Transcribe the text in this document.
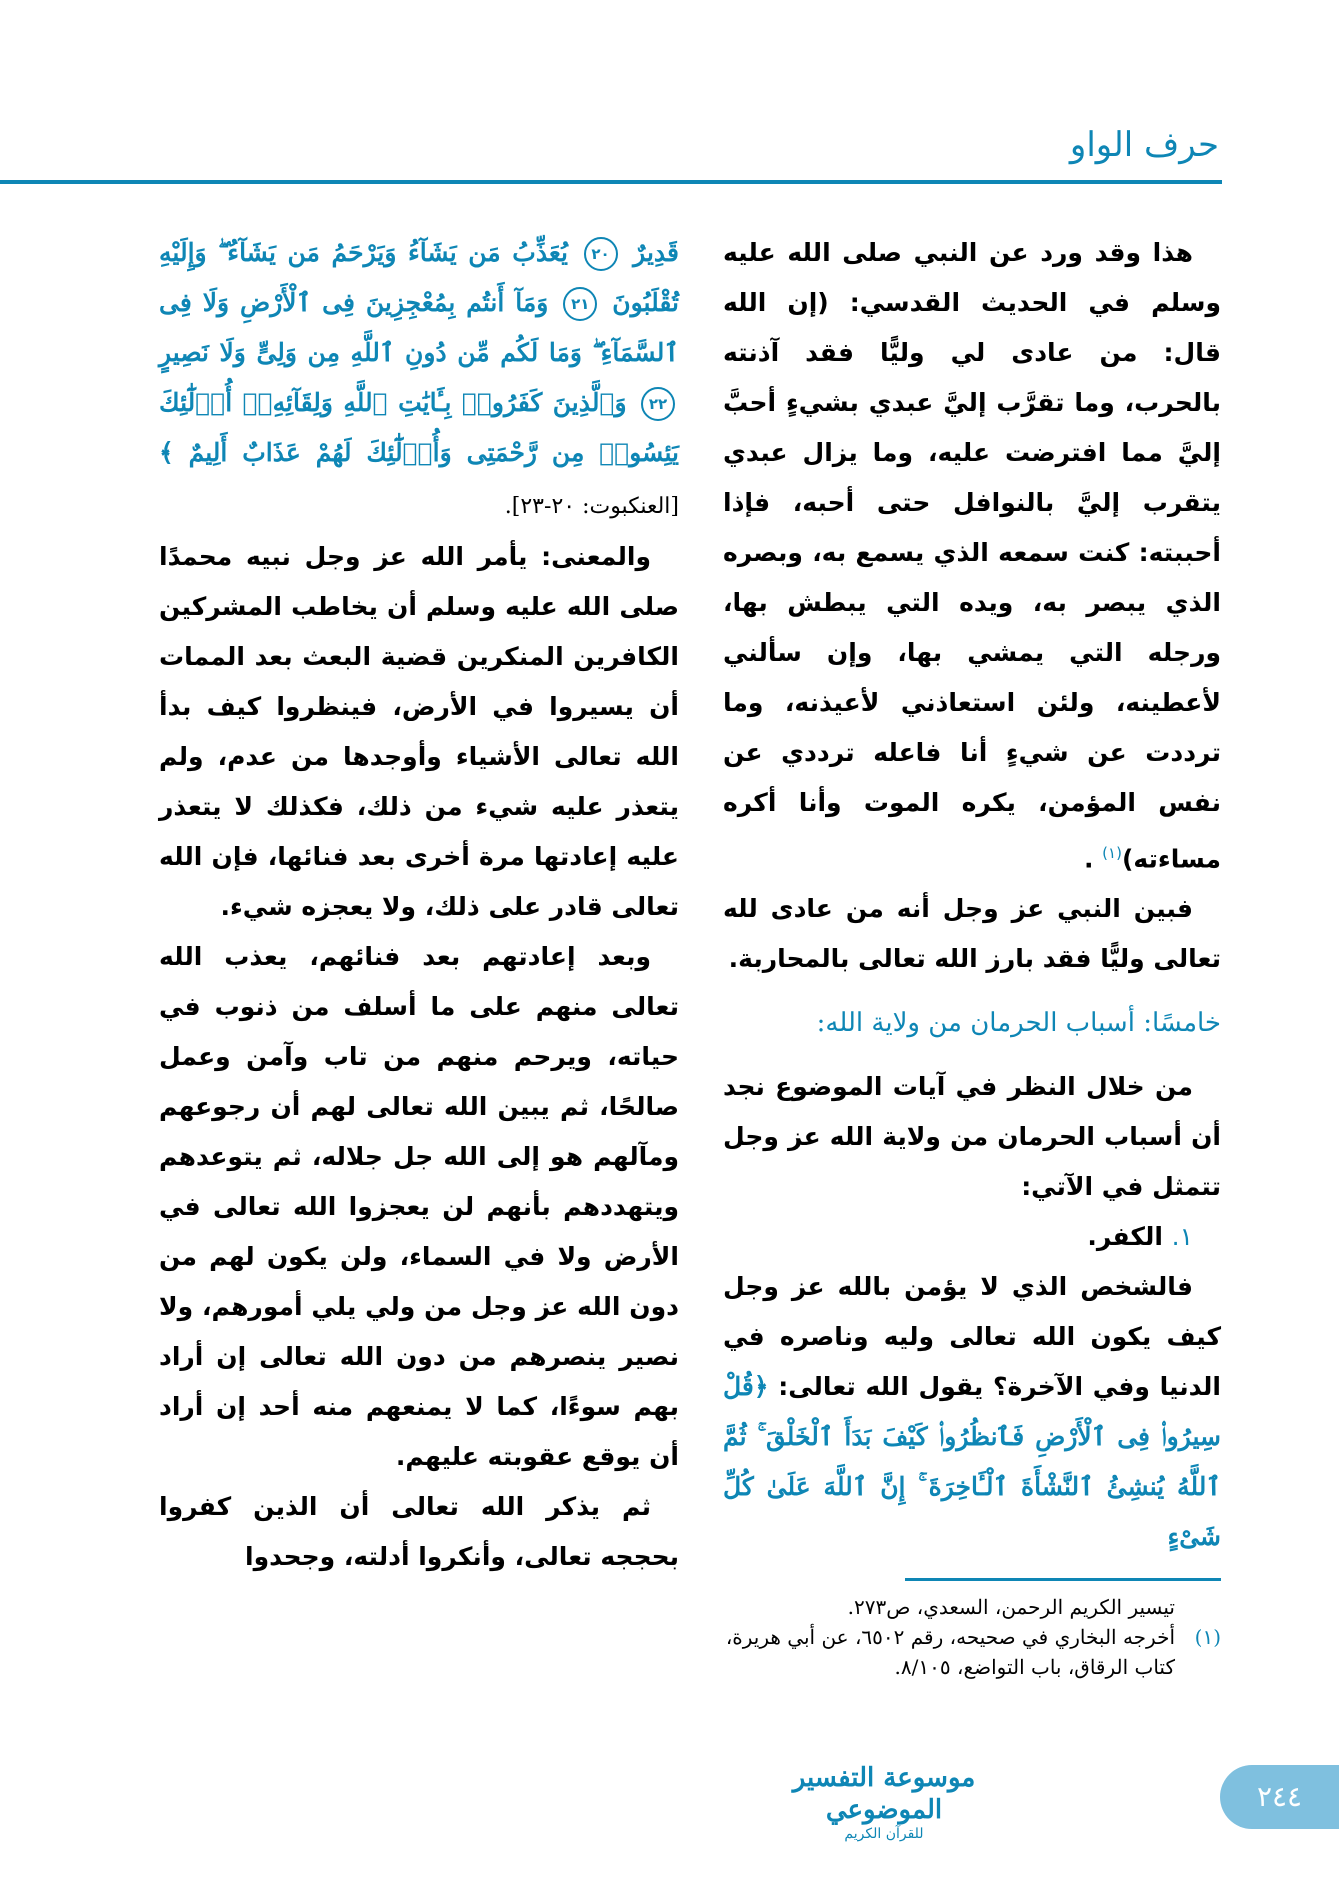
حرف الواو

هذا وقد ورد عن النبي صلى الله عليه وسلم في الحديث القدسي: (إن الله قال: من عادى لي وليًّا فقد آذنته بالحرب، وما تقرَّب إليَّ عبدي بشيءٍ أحبَّ إليَّ مما افترضت عليه، وما يزال عبدي يتقرب إليَّ بالنوافل حتى أحبه، فإذا أحببته: كنت سمعه الذي يسمع به، وبصره الذي يبصر به، ويده التي يبطش بها، ورجله التي يمشي بها، وإن سألني لأعطينه، ولئن استعاذني لأعيذنه، وما ترددت عن شيءٍ أنا فاعله ترددي عن نفس المؤمن، يكره الموت وأنا أكره مساءته)$^{(١)}$ .

فبين النبي عز وجل أنه من عادى لله تعالى وليًّا فقد بارز الله تعالى بالمحاربة.

خامسًا: أسباب الحرمان من ولاية الله:

من خلال النظر في آيات الموضوع نجد أن أسباب الحرمان من ولاية الله عز وجل تتمثل في الآتي:

١. الكفر.

فالشخص الذي لا يؤمن بالله عز وجل كيف يكون الله تعالى وليه وناصره في الدنيا وفي الآخرة؟ يقول الله تعالى: ﴿قُلْ سِيرُوا۟ فِى ٱلْأَرْضِ فَٱنظُرُوا۟ كَيْفَ بَدَأَ ٱلْخَلْقَ ۚ ثُمَّ ٱللَّهُ يُنشِئُ ٱلنَّشْأَةَ ٱلْـَٔاخِرَةَ ۚ إِنَّ ٱللَّهَ عَلَىٰ كُلِّ شَىْءٍ

قَدِيرٌ ٢٠ يُعَذِّبُ مَن يَشَآءُ وَيَرْحَمُ مَن يَشَآءُ ۖ وَإِلَيْهِ تُقْلَبُونَ ٢١ وَمَآ أَنتُم بِمُعْجِزِينَ فِى ٱلْأَرْضِ وَلَا فِى ٱلسَّمَآءِ ۖ وَمَا لَكُم مِّن دُونِ ٱللَّهِ مِن وَلِىٍّ وَلَا نَصِيرٍ ٢٢ وَٱلَّذِينَ كَفَرُوا۟ بِـَٔايَٰتِ ٱللَّهِ وَلِقَآئِهِۦٓ أُو۟لَٰٓئِكَ يَئِسُوا۟ مِن رَّحْمَتِى وَأُو۟لَٰٓئِكَ لَهُمْ عَذَابٌ أَلِيمٌ ﴾ [العنكبوت: ٢٠-٢٣].

والمعنى: يأمر الله عز وجل نبيه محمدًا صلى الله عليه وسلم أن يخاطب المشركين الكافرين المنكرين قضية البعث بعد الممات أن يسيروا في الأرض، فينظروا كيف بدأ الله تعالى الأشياء وأوجدها من عدم، ولم يتعذر عليه شيء من ذلك، فكذلك لا يتعذر عليه إعادتها مرة أخرى بعد فنائها، فإن الله تعالى قادر على ذلك، ولا يعجزه شيء.

وبعد إعادتهم بعد فنائهم، يعذب الله تعالى منهم على ما أسلف من ذنوب في حياته، ويرحم منهم من تاب وآمن وعمل صالحًا، ثم يبين الله تعالى لهم أن رجوعهم ومآلهم هو إلى الله جل جلاله، ثم يتوعدهم ويتهددهم بأنهم لن يعجزوا الله تعالى في الأرض ولا في السماء، ولن يكون لهم من دون الله عز وجل من ولي يلي أمورهم، ولا نصير ينصرهم من دون الله تعالى إن أراد بهم سوءًا، كما لا يمنعهم منه أحد إن أراد أن يوقع عقوبته عليهم.

ثم يذكر الله تعالى أن الذين كفروا بحججه تعالى، وأنكروا أدلته، وجحدوا

تيسير الكريم الرحمن، السعدي، ص٢٧٣.

(١)
أخرجه البخاري في صحيحه، رقم ٦٥٠٢، عن أبي هريرة، كتاب الرقاق، باب التواضع، ٨/١٠٥.
موسوعة التفسير الموضوعي
للقرآن الكريم
٢٤٤
